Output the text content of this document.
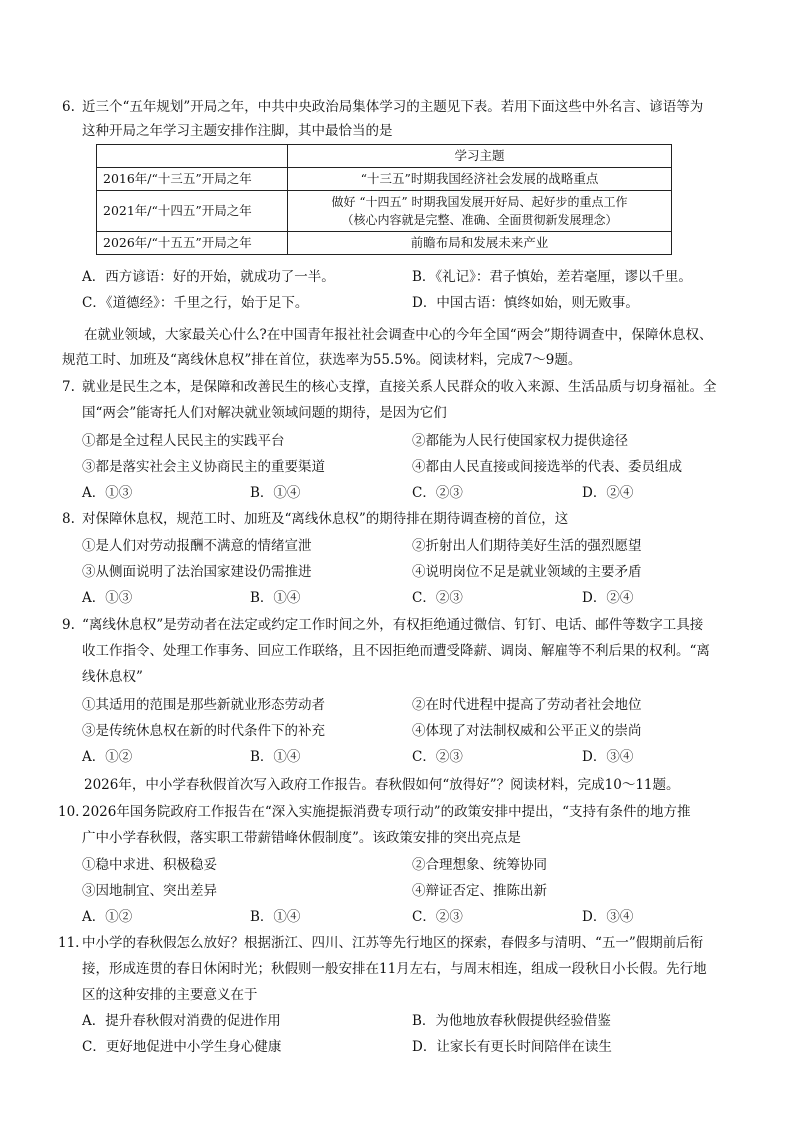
6. 近三个“五年规划”开局之年，中共中央政治局集体学习的主题见下表。若用下面这些中外名言、谚语等为
这种开局之年学习主题安排作注脚，其中最恰当的是
	学习主题
2016年/“十三五”开局之年	“十三五”时期我国经济社会发展的战略重点
2021年/“十四五”开局之年	做好 “十四五” 时期我国发展开好局、起好步的重点工作
（核心内容就是完整、准确、全面贯彻新发展理念）

2026年/“十五五”开局之年	前瞻布局和发展未来产业
A．西方谚语：好的开始，就成功了一半。	B．《礼记》：君子慎始，差若毫厘，谬以千里。
C．《道德经》：千里之行，始于足下。	D．中国古语：慎终如始，则无败事。
在就业领域，大家最关心什么?在中国青年报社社会调查中心的今年全国“两会”期待调查中，保障休息权、
规范工时、加班及“离线休息权”排在首位，获选率为55.5%。阅读材料，完成7～9题。
7. 就业是民生之本，是保障和改善民生的核心支撑，直接关系人民群众的收入来源、生活品质与切身福祉。全
国“两会”能寄托人们对解决就业领域问题的期待，是因为它们
①都是全过程人民民主的实践平台	②都能为人民行使国家权力提供途径
③都是落实社会主义协商民主的重要渠道	④都由人民直接或间接选举的代表、委员组成
A．①③	B．①④	C．②③	D．②④
8. 对保障休息权，规范工时、加班及“离线休息权”的期待排在期待调查榜的首位，这
①是人们对劳动报酬不满意的情绪宣泄	②折射出人们期待美好生活的强烈愿望
③从侧面说明了法治国家建设仍需推进	④说明岗位不足是就业领域的主要矛盾
A．①③	B．①④	C．②③	D．②④
9. “离线休息权”是劳动者在法定或约定工作时间之外，有权拒绝通过微信、钉钉、电话、邮件等数字工具接
收工作指令、处理工作事务、回应工作联络，且不因拒绝而遭受降薪、调岗、解雇等不利后果的权利。“离
线休息权”
①其适用的范围是那些新就业形态劳动者	②在时代进程中提高了劳动者社会地位
③是传统休息权在新的时代条件下的补充	④体现了对法制权威和公平正义的崇尚
A．①②	B．①④	C．②③	D．③④
2026年，中小学春秋假首次写入政府工作报告。春秋假如何“放得好”？阅读材料，完成10～11题。
10. 2026年国务院政府工作报告在“深入实施提振消费专项行动”的政策安排中提出，“支持有条件的地方推
广中小学春秋假，落实职工带薪错峰休假制度”。该政策安排的突出亮点是
①稳中求进、积极稳妥	②合理想象、统筹协同
③因地制宜、突出差异	④辩证否定、推陈出新
A．①②	B．①④	C．②③	D．③④
11. 中小学的春秋假怎么放好？根据浙江、四川、江苏等先行地区的探索，春假多与清明、“五一”假期前后衔
接，形成连贯的春日休闲时光；秋假则一般安排在11月左右，与周末相连，组成一段秋日小长假。先行地
区的这种安排的主要意义在于
A．提升春秋假对消费的促进作用	B．为他地放春秋假提供经验借鉴
C．更好地促进中小学生身心健康	D．让家长有更长时间陪伴在读生
